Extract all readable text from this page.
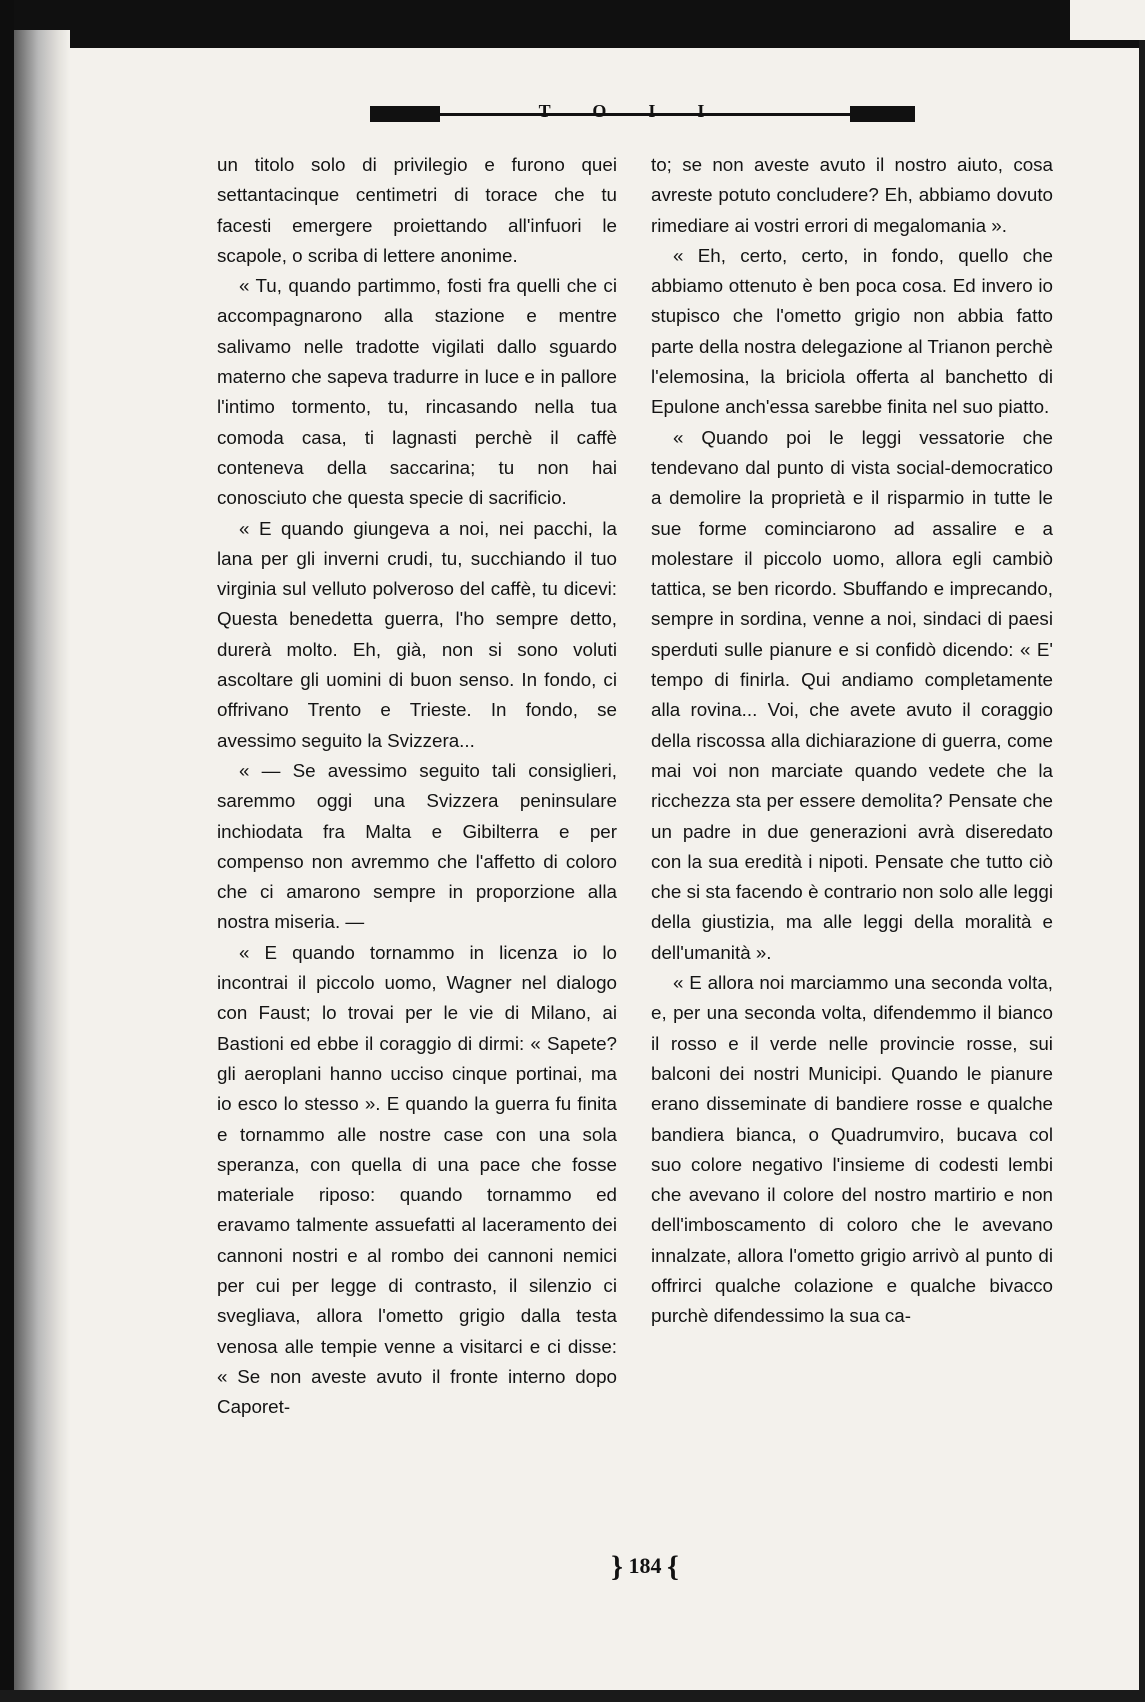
TOII

un titolo solo di privilegio e furono quei settantacinque centimetri di torace che tu facesti emergere proiettando all'infuori le scapole, o scriba di lettere anonime.

« Tu, quando partimmo, fosti fra quelli che ci accompagnarono alla stazione e mentre salivamo nelle tradotte vigilati dallo sguardo materno che sapeva tradurre in luce e in pallore l'intimo tormento, tu, rincasando nella tua comoda casa, ti lagnasti perchè il caffè conteneva della saccarina; tu non hai conosciuto che questa specie di sacrificio.

« E quando giungeva a noi, nei pacchi, la lana per gli inverni crudi, tu, succhiando il tuo virginia sul velluto polveroso del caffè, tu dicevi: Questa benedetta guerra, l'ho sempre detto, durerà molto. Eh, già, non si sono voluti ascoltare gli uomini di buon senso. In fondo, ci offrivano Trento e Trieste. In fondo, se avessimo seguito la Svizzera...

« — Se avessimo seguito tali consiglieri, saremmo oggi una Svizzera peninsulare inchiodata fra Malta e Gibilterra e per compenso non avremmo che l'affetto di coloro che ci amarono sempre in proporzione alla nostra miseria. —

« E quando tornammo in licenza io lo incontrai il piccolo uomo, Wagner nel dialogo con Faust; lo trovai per le vie di Milano, ai Bastioni ed ebbe il coraggio di dirmi: « Sapete? gli aeroplani hanno ucciso cinque portinai, ma io esco lo stesso ». E quando la guerra fu finita e tornammo alle nostre case con una sola speranza, con quella di una pace che fosse materiale riposo: quando tornammo ed eravamo talmente assuefatti al laceramento dei cannoni nostri e al rombo dei cannoni nemici per cui per legge di contrasto, il silenzio ci svegliava, allora l'ometto grigio dalla testa venosa alle tempie venne a visitarci e ci disse: « Se non aveste avuto il fronte interno dopo Caporet-

to; se non aveste avuto il nostro aiuto, cosa avreste potuto concludere? Eh, abbiamo dovuto rimediare ai vostri errori di megalomania ».

« Eh, certo, certo, in fondo, quello che abbiamo ottenuto è ben poca cosa. Ed invero io stupisco che l'ometto grigio non abbia fatto parte della nostra delegazione al Trianon perchè l'elemosina, la briciola offerta al banchetto di Epulone anch'essa sarebbe finita nel suo piatto.

« Quando poi le leggi vessatorie che tendevano dal punto di vista social-democratico a demolire la proprietà e il risparmio in tutte le sue forme cominciarono ad assalire e a molestare il piccolo uomo, allora egli cambiò tattica, se ben ricordo. Sbuffando e imprecando, sempre in sordina, venne a noi, sindaci di paesi sperduti sulle pianure e si confidò dicendo: « E' tempo di finirla. Qui andiamo completamente alla rovina... Voi, che avete avuto il coraggio della riscossa alla dichiarazione di guerra, come mai voi non marciate quando vedete che la ricchezza sta per essere demolita? Pensate che un padre in due generazioni avrà diseredato con la sua eredità i nipoti. Pensate che tutto ciò che si sta facendo è contrario non solo alle leggi della giustizia, ma alle leggi della moralità e dell'umanità ».

« E allora noi marciammo una seconda volta, e, per una seconda volta, difendemmo il bianco il rosso e il verde nelle provincie rosse, sui balconi dei nostri Municipi. Quando le pianure erano disseminate di bandiere rosse e qualche bandiera bianca, o Quadrumviro, bucava col suo colore negativo l'insieme di codesti lembi che avevano il colore del nostro martirio e non dell'imboscamento di coloro che le avevano innalzate, allora l'ometto grigio arrivò al punto di offrirci qualche colazione e qualche bivacco purchè difendessimo la sua ca-

} 184 {
